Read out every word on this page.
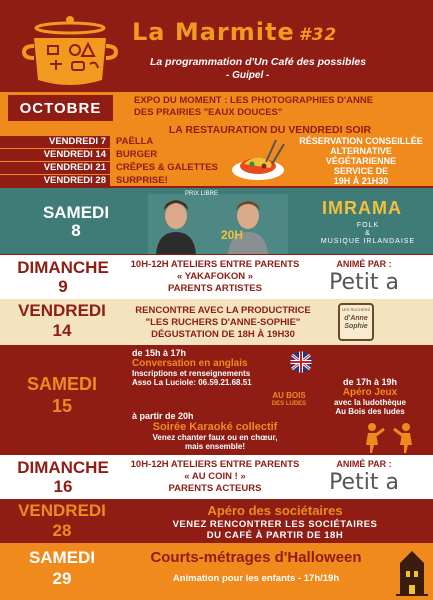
La Marmite #32
La programmation d'Un Café des possibles
- Guipel -
OCTOBRE	EXPO DU MOMENT : LES PHOTOGRAPHIES D'ANNE
DES PRAIRIES "EAUX DOUCES"
LA RESTAURATION DU VENDREDI SOIR
VENDREDI 7
VENDREDI 14
VENDREDI 21
VENDREDI 28
PAËLLA
BURGER
CRÊPES & GALETTES
SURPRISE!
RÉSERVATION CONSEILLÉE
ALTERNATIVE
VÉGÉTARIENNE
SERVICE DE
19H À 21H30
SAMEDI
8
PRIX LIBRE
20H
IMRAMA
FOLK
&
MUSIQUE IRLANDAISE
DIMANCHE
9
10H-12H ATELIERS ENTRE PARENTS
« YAKAFOKON »
PARENTS ARTISTES
ANIMÉ PAR :
Petit a
VENDREDI
14
RENCONTRE AVEC LA PRODUCTRICE
"LES RUCHERS D'ANNE-SOPHIE"
DÉGUSTATION DE 18H À 19H30
LES RUCHERS
d'Anne Sophie
SAMEDI
15
de 15h à 17h
Conversation en anglais
Inscriptions et renseignements
Asso La Luciole: 06.59.21.68.51
AU BOIS
DES LUDES
de 17h à 19h
Apéro Jeux
avec la ludothèque
Au Bois des ludes
à partir de 20h
Soirée Karaoké collectif
Venez chanter faux ou en chœur,
mais ensemble!
DIMANCHE
16
10H-12H ATELIERS ENTRE PARENTS
« AU COIN ! »
PARENTS ACTEURS
ANIMÉ PAR :
Petit a
VENDREDI
28
Apéro des sociétaires
VENEZ RENCONTRER LES SOCIÉTAIRES
DU CAFÉ À PARTIR DE 18H
SAMEDI
29
Courts-métrages d'Halloween
Animation pour les enfants - 17h/19h
